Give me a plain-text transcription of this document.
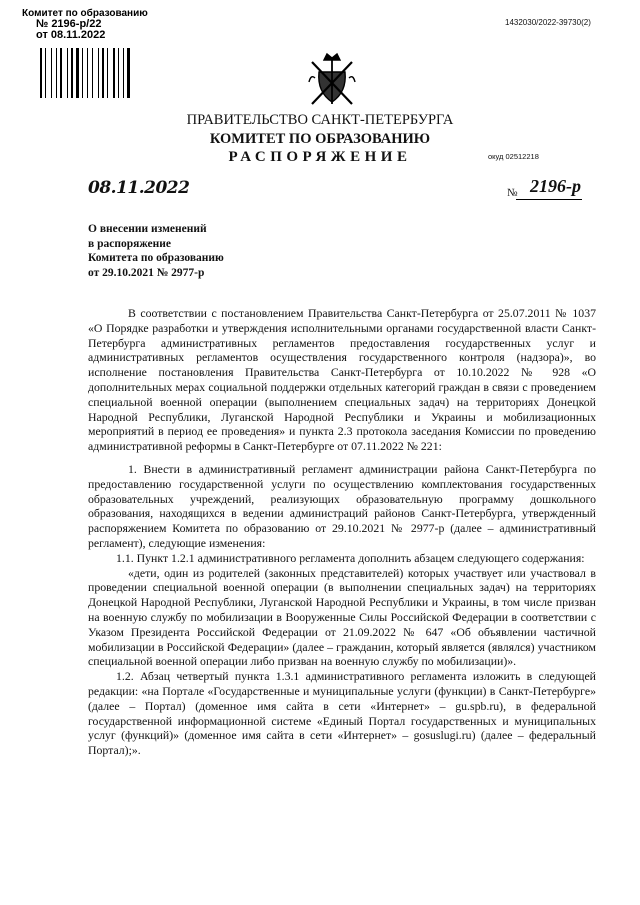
Комитет по образованию
№ 2196-р/22
от 08.11.2022
1432030/2022-39730(2)
ПРАВИТЕЛЬСТВО САНКТ-ПЕТЕРБУРГА
КОМИТЕТ ПО ОБРАЗОВАНИЮ
РАСПОРЯЖЕНИЕ	окуд 02512218
08.11.2022	№ 2196-р
О внесении изменений
в распоряжение
Комитета по образованию
от 29.10.2021 № 2977-р

В соответствии с постановлением Правительства Санкт-Петербурга от 25.07.2011 № 1037 «О Порядке разработки и утверждения исполнительными органами государственной власти Санкт-Петербурга административных регламентов предоставления государственных услуг и административных регламентов осуществления государственного контроля (надзора)», во исполнение постановления Правительства Санкт-Петербурга от 10.10.2022 № 928 «О дополнительных мерах социальной поддержки отдельных категорий граждан в связи с проведением специальной военной операции (выполнением специальных задач) на территориях Донецкой Народной Республики, Луганской Народной Республики и Украины и мобилизационных мероприятий в период ее проведения» и пункта 2.3 протокола заседания Комиссии по проведению административной реформы в Санкт-Петербурге от 07.11.2022 № 221:

1. Внести в административный регламент администрации района Санкт-Петербурга по предоставлению государственной услуги по осуществлению комплектования государственных образовательных учреждений, реализующих образовательную программу дошкольного образования, находящихся в ведении администраций районов Санкт-Петербурга, утвержденный распоряжением Комитета по образованию от 29.10.2021 № 2977-р (далее – административный регламент), следующие изменения:

1.1. Пункт 1.2.1 административного регламента дополнить абзацем следующего содержания:

«дети, один из родителей (законных представителей) которых участвует или участвовал в проведении специальной военной операции (в выполнении специальных задач) на территориях Донецкой Народной Республики, Луганской Народной Республики и Украины, в том числе призван на военную службу по мобилизации в Вооруженные Силы Российской Федерации в соответствии с Указом Президента Российской Федерации от 21.09.2022 № 647 «Об объявлении частичной мобилизации в Российской Федерации» (далее – гражданин, который является (являлся) участником специальной военной операции либо призван на военную службу по мобилизации)».

1.2. Абзац четвертый пункта 1.3.1 административного регламента изложить в следующей редакции: «на Портале «Государственные и муниципальные услуги (функции) в Санкт-Петербурге» (далее – Портал) (доменное имя сайта в сети «Интернет» – gu.spb.ru), в федеральной государственной информационной системе «Единый Портал государственных и муниципальных услуг (функций)» (доменное имя сайта в сети «Интернет» – gosuslugi.ru) (далее – федеральный Портал);».
